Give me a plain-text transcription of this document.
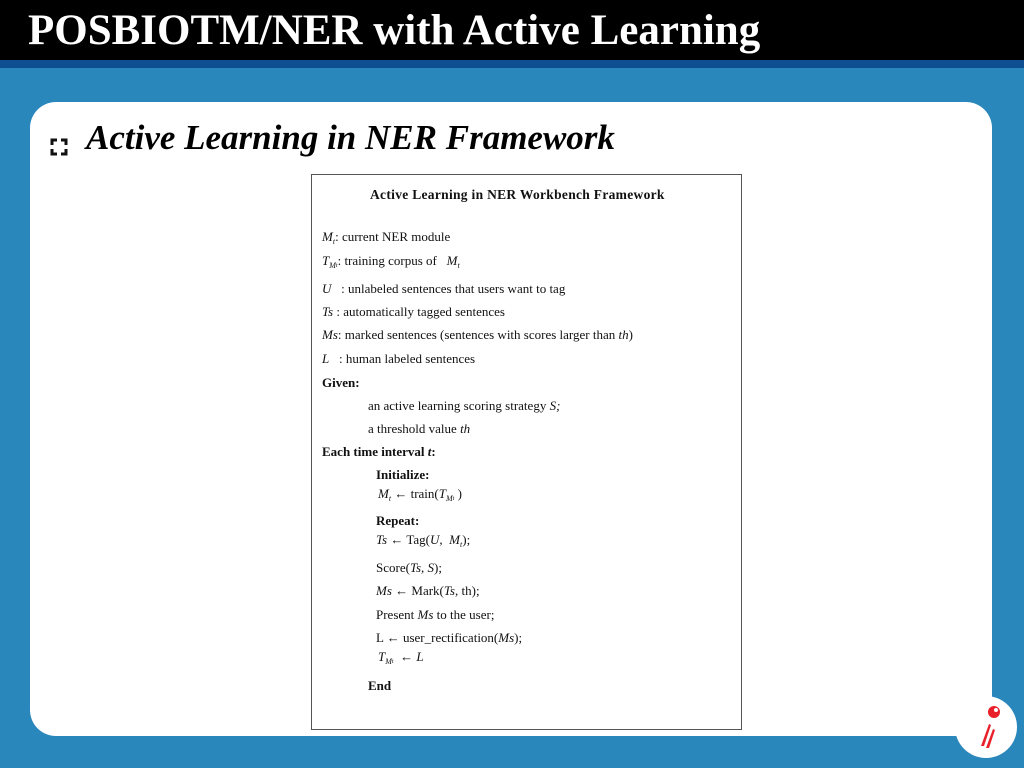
POSBIOTM/NER with Active Learning
Active Learning in NER Framework
Active Learning in NER Workbench Framework
$M_t$: current NER module
$T_Mt$: training corpus of $M_t$
U : unlabeled sentences that users want to tag
Ts : automatically tagged sentences
Ms: marked sentences (sentences with scores larger than th)
L : human labeled sentences
Given:
an active learning scoring strategy S;
a threshold value th
Each time interval t:
Initialize:
$M_t$ ← $train(T_Mt$ )
Repeat:
Ts ← Tag(U, $M_t$);
Score(Ts, S);
Ms ← Mark(Ts, th);
Present Ms to the user;
L ← user_rectification(Ms);
$T_Mt$ ← L
End
